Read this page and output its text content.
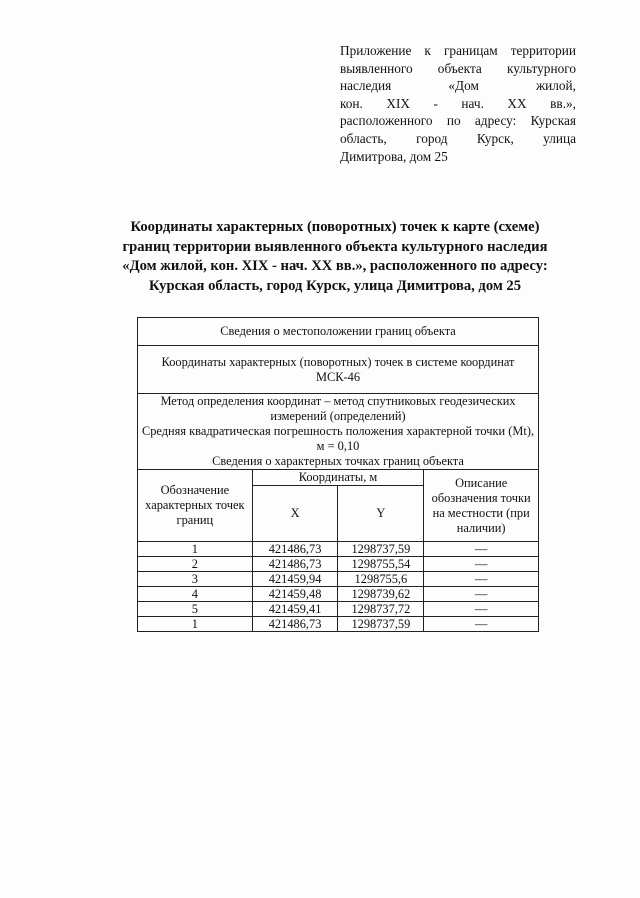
Приложение к границам территории
выявленного объекта культурного
наследия «Дом жилой,
кон. XIX - нач. XX вв.»,
расположенного по адресу: Курская
область, город Курск, улица
Димитрова, дом 25
Координаты характерных (поворотных) точек к карте (схеме)
границ территории выявленного объекта культурного наследия
«Дом жилой, кон. XIX - нач. XX вв.», расположенного по адресу:
Курская область, город Курск, улица Димитрова, дом 25
Сведения о местоположении границ объекта			
Координаты характерных (поворотных) точек в системе координат МСК-46			

Метод определения координат – метод спутниковых геодезических измерений (определений)
Средняя квадратическая погрешность положения характерной точки (Mt), м = 0,10
Сведения о характерных точках границ объекта			

Обозначение характерных точек границ	Координаты, м		Описание обозначения точки на местности (при наличии)
	X	Y	
1	421486,73	1298737,59	—
2	421486,73	1298755,54	—
3	421459,94	1298755,6	—
4	421459,48	1298739,62	—
5	421459,41	1298737,72	—
1	421486,73	1298737,59	—
